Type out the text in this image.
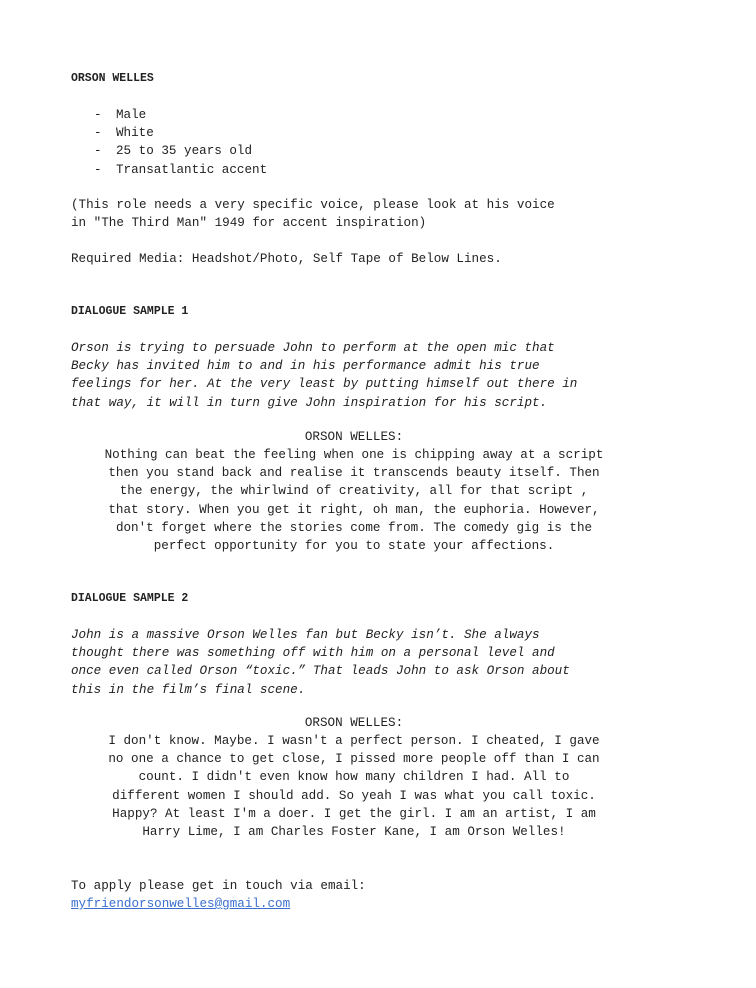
ORSON WELLES
- Male
- White
- 25 to 35 years old
- Transatlantic accent
(This role needs a very specific voice, please look at his voice
in "The Third Man" 1949 for accent inspiration)

Required Media: Headshot/Photo, Self Tape of Below Lines.

DIALOGUE SAMPLE 1
Orson is trying to persuade John to perform at the open mic that
Becky has invited him to and in his performance admit his true
feelings for her. At the very least by putting himself out there in
that way, it will in turn give John inspiration for his script.

ORSON WELLES:

Nothing can beat the feeling when one is chipping away at a script
then you stand back and realise it transcends beauty itself. Then
the energy, the whirlwind of creativity, all for that script ,
that story. When you get it right, oh man, the euphoria. However,
don't forget where the stories come from. The comedy gig is the
perfect opportunity for you to state your affections.
DIALOGUE SAMPLE 2
John is a massive Orson Welles fan but Becky isn’t. She always
thought there was something off with him on a personal level and
once even called Orson “toxic.” That leads John to ask Orson about
this in the film’s final scene.

ORSON WELLES:

I don't know. Maybe. I wasn't a perfect person. I cheated, I gave
no one a chance to get close, I pissed more people off than I can
count. I didn't even know how many children I had. All to
different women I should add. So yeah I was what you call toxic.
Happy? At least I'm a doer. I get the girl. I am an artist, I am
Harry Lime, I am Charles Foster Kane, I am Orson Welles!

To apply please get in touch via email:

myfriendorsonwelles@gmail.com
